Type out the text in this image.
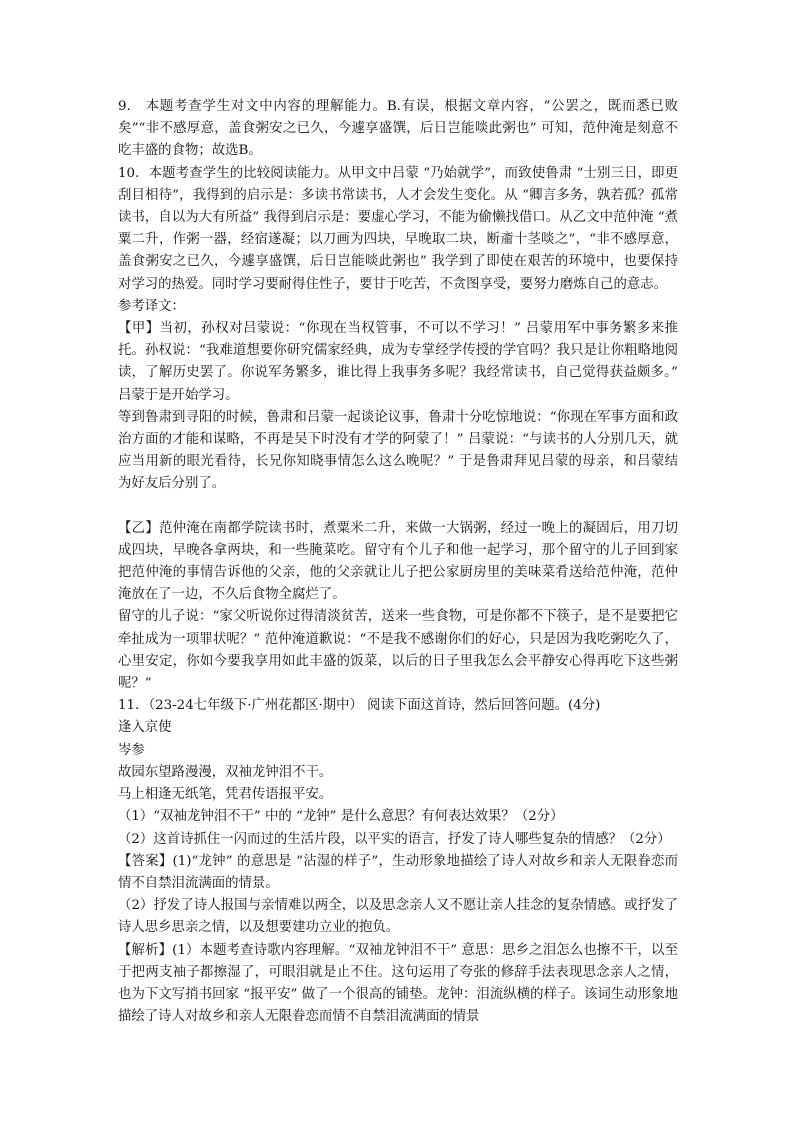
9.　本题考查学生对文中内容的理解能力。B.有误，根据文章内容，“公罢之，既而悉已败矣”“非不感厚意，盖食粥安之已久，今遽享盛馔，后日岂能啖此粥也” 可知，范仲淹是刻意不吃丰盛的食物；故选B。

10．本题考查学生的比较阅读能力。从甲文中吕蒙 “乃始就学”，而致使鲁肃 “士别三日，即更刮目相待”，我得到的启示是：多读书常读书，人才会发生变化。从 “卿言多务，孰若孤？孤常读书，自以为大有所益” 我得到启示是：要虚心学习，不能为偷懒找借口。从乙文中范仲淹 “煮粟二升，作粥一器，经宿遂凝；以刀画为四块，早晚取二块，断齑十茎啖之”，“非不感厚意，盖食粥安之已久，今遽享盛馔，后日岂能啖此粥也” 我学到了即使在艰苦的环境中，也要保持对学习的热爱。同时学习要耐得住性子，要甘于吃苦，不贪图享受，要努力磨炼自己的意志。

参考译文：

【甲】当初，孙权对吕蒙说：“你现在当权管事，不可以不学习！” 吕蒙用军中事务繁多来推托。孙权说：“我难道想要你研究儒家经典，成为专掌经学传授的学官吗？我只是让你粗略地阅读，了解历史罢了。你说军务繁多，谁比得上我事务多呢？我经常读书，自己觉得获益颇多。” 吕蒙于是开始学习。

等到鲁肃到寻阳的时候，鲁肃和吕蒙一起谈论议事，鲁肃十分吃惊地说：“你现在军事方面和政治方面的才能和谋略，不再是吴下时没有才学的阿蒙了！” 吕蒙说：“与读书的人分别几天，就应当用新的眼光看待，长兄你知晓事情怎么这么晚呢？” 于是鲁肃拜见吕蒙的母亲，和吕蒙结为好友后分别了。

【乙】范仲淹在南都学院读书时，煮粟米二升，来做一大锅粥，经过一晚上的凝固后，用刀切成四块，早晚各拿两块，和一些腌菜吃。留守有个儿子和他一起学习，那个留守的儿子回到家把范仲淹的事情告诉他的父亲，他的父亲就让儿子把公家厨房里的美味菜肴送给范仲淹，范仲淹放在了一边，不久后食物全腐烂了。

留守的儿子说：“家父听说你过得清淡贫苦，送来一些食物，可是你都不下筷子，是不是要把它牵扯成为一项罪状呢？” 范仲淹道歉说：“不是我不感谢你们的好心，只是因为我吃粥吃久了，心里安定，你如今要我享用如此丰盛的饭菜，以后的日子里我怎么会平静安心得再吃下这些粥呢？”

11．（23-24七年级下·广州花都区·期中） 阅读下面这首诗，然后回答问题。(4分)

逢入京使

岑参

故园东望路漫漫，双袖龙钟泪不干。

马上相逢无纸笔，凭君传语报平安。

（1）“双袖龙钟泪不干” 中的 “龙钟” 是什么意思？有何表达效果？（2分）

（2）这首诗抓住一闪而过的生活片段，以平实的语言，抒发了诗人哪些复杂的情感？（2分）

【答案】(1)“龙钟” 的意思是 “沾湿的样子”，生动形象地描绘了诗人对故乡和亲人无限眷恋而情不自禁泪流满面的情景。

（2）抒发了诗人报国与亲情难以两全，以及思念亲人又不愿让亲人挂念的复杂情感。或抒发了诗人思乡思亲之情，以及想要建功立业的抱负。

【解析】(1）本题考查诗歌内容理解。“双袖龙钟泪不干” 意思：思乡之泪怎么也擦不干，以至于把两支袖子都擦湿了，可眼泪就是止不住。这句运用了夸张的修辞手法表现思念亲人之情，也为下文写捎书回家 “报平安” 做了一个很高的铺垫。龙钟：泪流纵横的样子。该词生动形象地描绘了诗人对故乡和亲人无限眷恋而情不自禁泪流满面的情景
